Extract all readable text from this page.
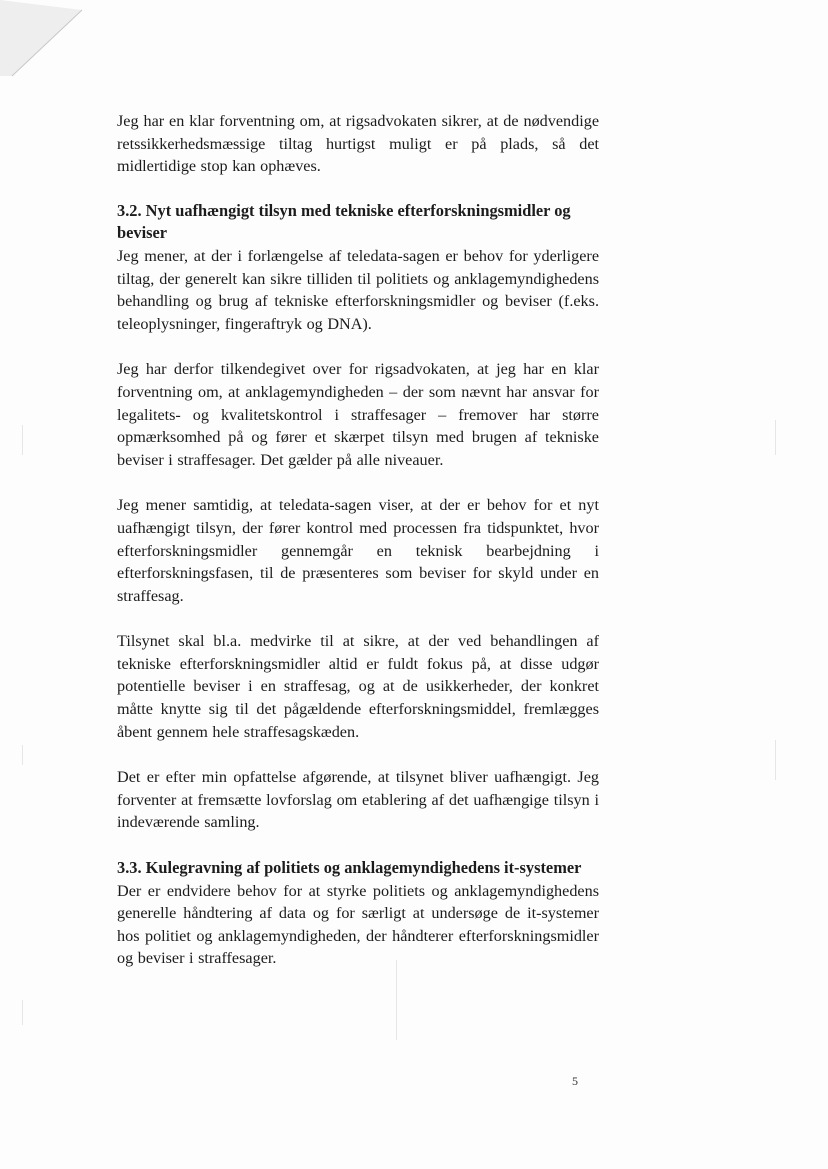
Jeg har en klar forventning om, at rigsadvokaten sikrer, at de nødvendige retssikkerhedsmæssige tiltag hurtigst muligt er på plads, så det midlertidige stop kan ophæves.

3.2. Nyt uafhængigt tilsyn med tekniske efterforskningsmidler og beviser

Jeg mener, at der i forlængelse af teledata-sagen er behov for yderligere tiltag, der generelt kan sikre tilliden til politiets og anklagemyndighedens behandling og brug af tekniske efterforskningsmidler og beviser (f.eks. teleoplysninger, fingeraftryk og DNA).

Jeg har derfor tilkendegivet over for rigsadvokaten, at jeg har en klar forventning om, at anklagemyndigheden – der som nævnt har ansvar for legalitets- og kvalitetskontrol i straffesager – fremover har større opmærksomhed på og fører et skærpet tilsyn med brugen af tekniske beviser i straffesager. Det gælder på alle niveauer.

Jeg mener samtidig, at teledata-sagen viser, at der er behov for et nyt uafhængigt tilsyn, der fører kontrol med processen fra tidspunktet, hvor efterforskningsmidler gennemgår en teknisk bearbejdning i efterforskningsfasen, til de præsenteres som beviser for skyld under en straffesag.

Tilsynet skal bl.a. medvirke til at sikre, at der ved behandlingen af tekniske efterforskningsmidler altid er fuldt fokus på, at disse udgør potentielle beviser i en straffesag, og at de usikkerheder, der konkret måtte knytte sig til det pågældende efterforskningsmiddel, fremlægges åbent gennem hele straffesagskæden.

Det er efter min opfattelse afgørende, at tilsynet bliver uafhængigt. Jeg forventer at fremsætte lovforslag om etablering af det uafhængige tilsyn i indeværende samling.

3.3. Kulegravning af politiets og anklagemyndighedens it-systemer

Der er endvidere behov for at styrke politiets og anklagemyndighedens generelle håndtering af data og for særligt at undersøge de it-systemer hos politiet og anklagemyndigheden, der håndterer efterforskningsmidler og beviser i straffesager.

5
